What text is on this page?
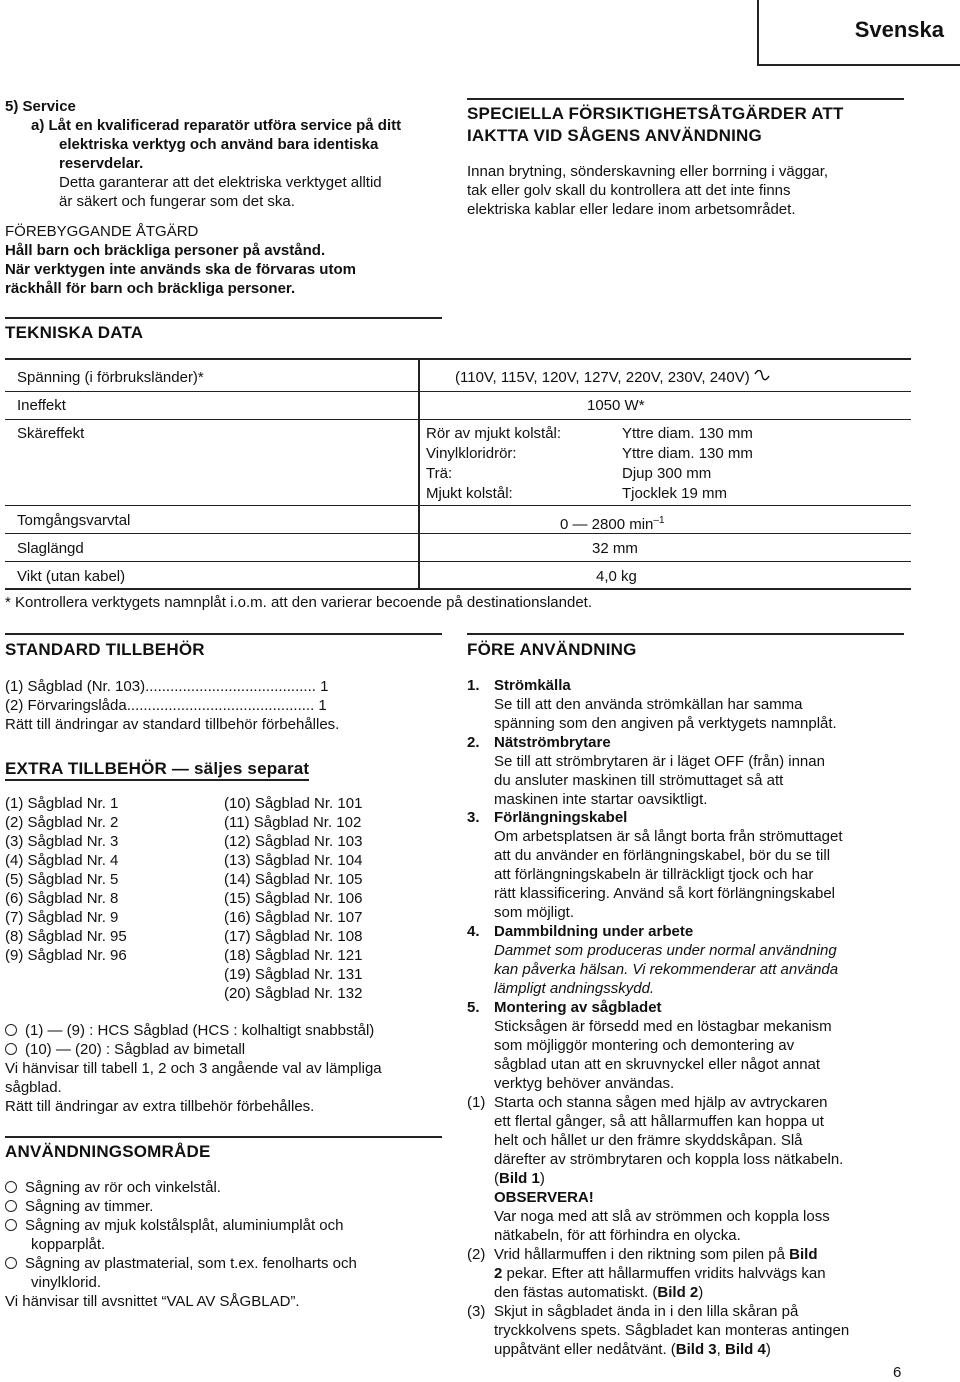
Svenska
5) Service
a) Låt en kvalificerad reparatör utföra service på ditt
elektriska verktyg och använd bara identiska
reservdelar.
Detta garanterar att det elektriska verktyget alltid
är säkert och fungerar som det ska.
FÖREBYGGANDE ÅTGÄRD
Håll barn och bräckliga personer på avstånd.
När verktygen inte används ska de förvaras utom
räckhåll för barn och bräckliga personer.
SPECIELLA FÖRSIKTIGHETSÅTGÄRDER ATT
IAKTTA VID SÅGENS ANVÄNDNING
Innan brytning, sönderskavning eller borrning i väggar,
tak eller golv skall du kontrollera att det inte finns
elektriska kablar eller ledare inom arbetsområdet.
TEKNISKA DATA
Spänning (i förbruksländer)*	(110V, 115V, 120V, 127V, 220V, 230V, 240V)
Ineffekt	1050 W*
Skäreffekt	Rör av mjukt kolstål:	Yttre diam. 130 mm
Vinylkloridrör:	Yttre diam. 130 mm
Trä:	Djup 300 mm
Mjukt kolstål:	Tjocklek 19 mm
Tomgångsvarvtal	0 — 2800 $\min^{-1}$
Slaglängd	32 mm
Vikt (utan kabel)	4,0 kg
* Kontrollera verktygets namnplåt i.o.m. att den varierar becoende på destinationslandet.
STANDARD TILLBEHÖR
(1) Sågblad (Nr. 103)......................................... 1
(2) Förvaringslåda............................................. 1
Rätt till ändringar av standard tillbehör förbehålles.
EXTRA TILLBEHÖR — säljes separat
(1) Sågblad Nr. 1
(2) Sågblad Nr. 2
(3) Sågblad Nr. 3
(4) Sågblad Nr. 4
(5) Sågblad Nr. 5
(6) Sågblad Nr. 8
(7) Sågblad Nr. 9
(8) Sågblad Nr. 95
(9) Sågblad Nr. 96
(10) Sågblad Nr. 101
(11) Sågblad Nr. 102
(12) Sågblad Nr. 103
(13) Sågblad Nr. 104
(14) Sågblad Nr. 105
(15) Sågblad Nr. 106
(16) Sågblad Nr. 107
(17) Sågblad Nr. 108
(18) Sågblad Nr. 121
(19) Sågblad Nr. 131
(20) Sågblad Nr. 132
(1) — (9) : HCS Sågblad (HCS : kolhaltigt snabbstål)
(10) — (20) : Sågblad av bimetall
Vi hänvisar till tabell 1, 2 och 3 angående val av lämpliga
sågblad.
Rätt till ändringar av extra tillbehör förbehålles.
ANVÄNDNINGSOMRÅDE
Sågning av rör och vinkelstål.
Sågning av timmer.
Sågning av mjuk kolstålsplåt, aluminiumplåt och
kopparplåt.
Sågning av plastmaterial, som t.ex. fenolharts och
vinylklorid.
Vi hänvisar till avsnittet “VAL AV SÅGBLAD”.
FÖRE ANVÄNDNING
1. Strömkälla
Se till att den använda strömkällan har samma
spänning som den angiven på verktygets namnplåt.
2. Nätströmbrytare
Se till att strömbrytaren är i läget OFF (från) innan
du ansluter maskinen till strömuttaget så att
maskinen inte startar oavsiktligt.
3. Förlängningskabel
Om arbetsplatsen är så långt borta från strömuttaget
att du använder en förlängningskabel, bör du se till
att förlängningskabeln är tillräckligt tjock och har
rätt klassificering. Använd så kort förlängningskabel
som möjligt.
4. Dammbildning under arbete
Dammet som produceras under normal användning
kan påverka hälsan. Vi rekommenderar att använda
lämpligt andningsskydd.
5. Montering av sågbladet
Sticksågen är försedd med en löstagbar mekanism
som möjliggör montering och demontering av
sågblad utan att en skruvnyckel eller något annat
verktyg behöver användas.
(1) Starta och stanna sågen med hjälp av avtryckaren
ett flertal gånger, så att hållarmuffen kan hoppa ut
helt och hållet ur den främre skyddskåpan. Slå
därefter av strömbrytaren och koppla loss nätkabeln.
(Bild 1)
OBSERVERA!
Var noga med att slå av strömmen och koppla loss
nätkabeln, för att förhindra en olycka.
(2) Vrid hållarmuffen i den riktning som pilen på Bild
2 pekar. Efter att hållarmuffen vridits halvvägs kan
den fästas automatiskt. (Bild 2)
(3) Skjut in sågbladet ända in i den lilla skåran på
tryckkolvens spets. Sågbladet kan monteras antingen
uppåtvänt eller nedåtvänt. (Bild 3, Bild 4)
6
